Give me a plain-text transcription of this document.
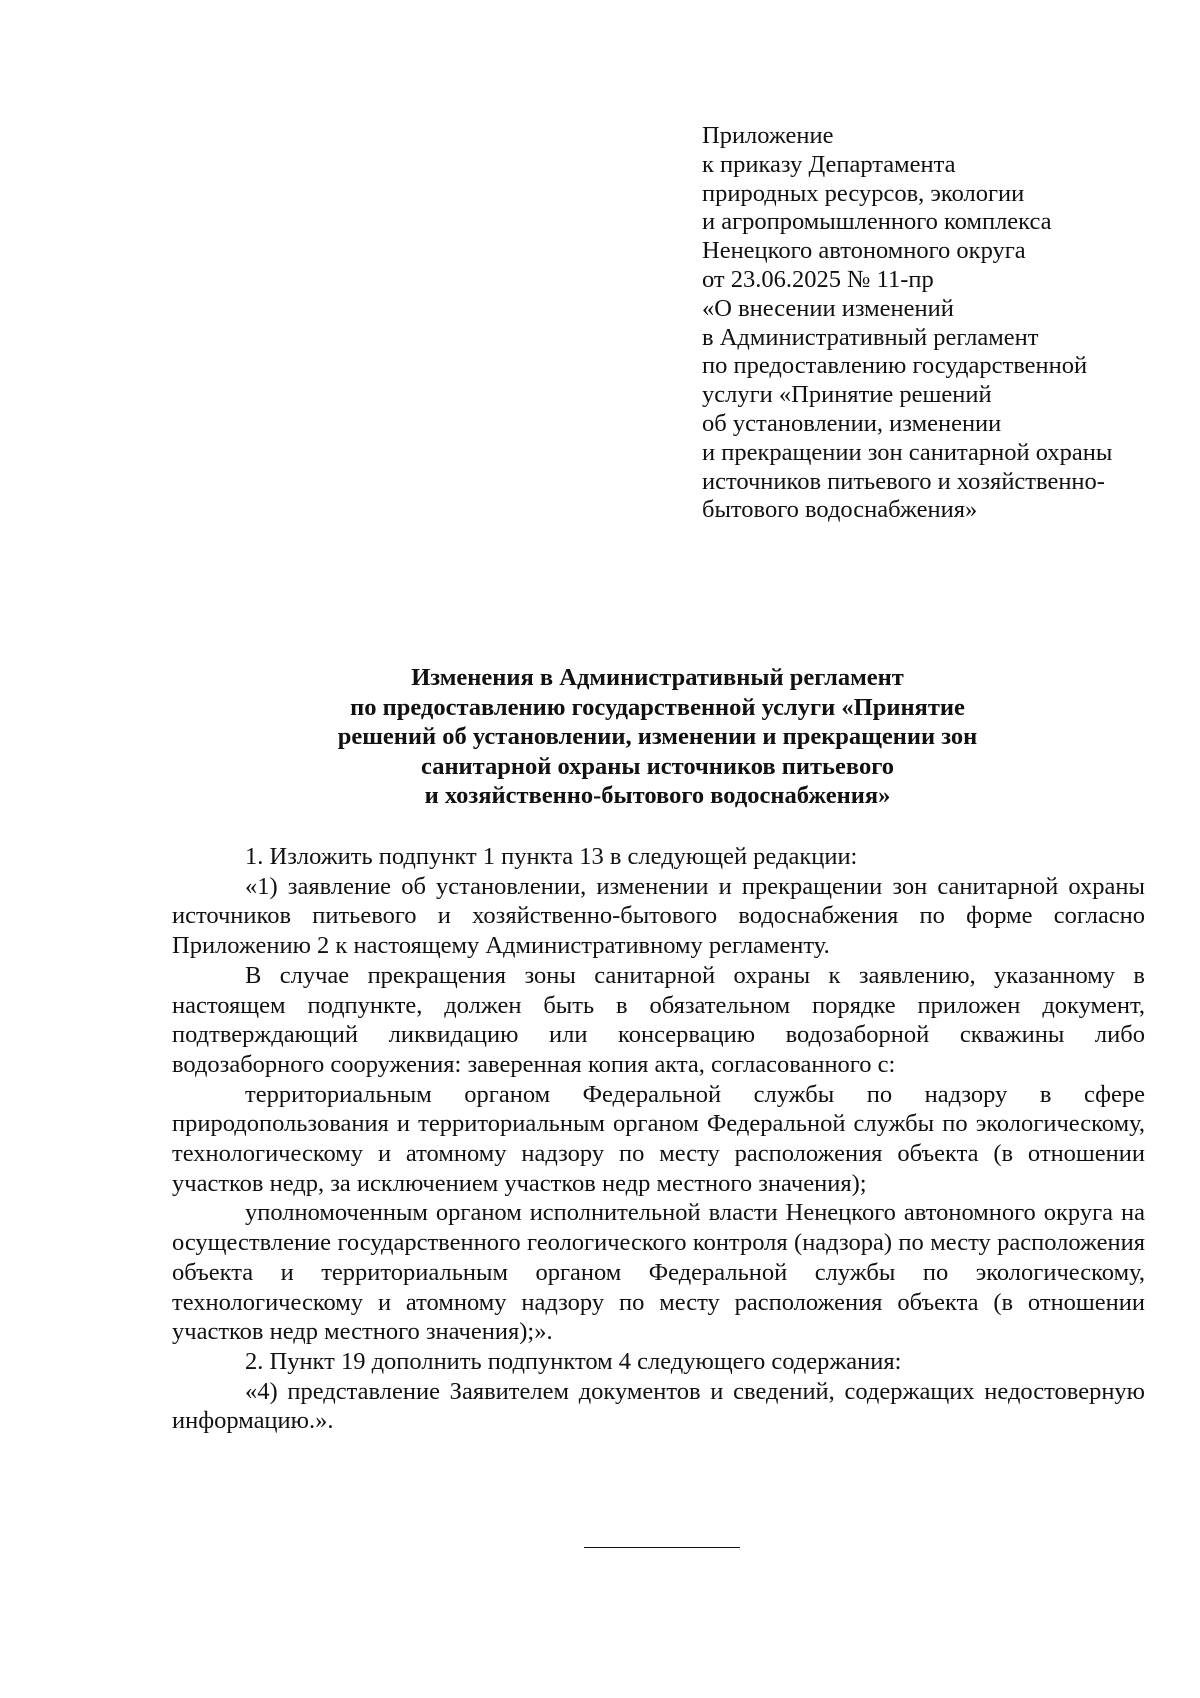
Приложение
к приказу Департамента
природных ресурсов, экологии
и агропромышленного комплекса
Ненецкого автономного округа
от 23.06.2025 № 11-пр
«О внесении изменений
в Административный регламент
по предоставлению государственной
услуги «Принятие решений
об установлении, изменении
и прекращении зон санитарной охраны
источников питьевого и хозяйственно-
бытового водоснабжения»
Изменения в Административный регламент
по предоставлению государственной услуги «Принятие
решений об установлении, изменении и прекращении зон
санитарной охраны источников питьевого
и хозяйственно-бытового водоснабжения»

1. Изложить подпункт 1 пункта 13 в следующей редакции:

«1) заявление об установлении, изменении и прекращении зон санитарной охраны источников питьевого и хозяйственно-бытового водоснабжения по форме согласно Приложению 2 к настоящему Административному регламенту.

В случае прекращения зоны санитарной охраны к заявлению, указанному в настоящем подпункте, должен быть в обязательном порядке приложен документ, подтверждающий ликвидацию или консервацию водозаборной скважины либо водозаборного сооружения: заверенная копия акта, согласованного с:

территориальным органом Федеральной службы по надзору в сфере природопользования и территориальным органом Федеральной службы по экологическому, технологическому и атомному надзору по месту расположения объекта (в отношении участков недр, за исключением участков недр местного значения);

уполномоченным органом исполнительной власти Ненецкого автономного округа на осуществление государственного геологического контроля (надзора) по месту расположения объекта и территориальным органом Федеральной службы по экологическому, технологическому и атомному надзору по месту расположения объекта (в отношении участков недр местного значения);».

2. Пункт 19 дополнить подпунктом 4 следующего содержания:

«4) представление Заявителем документов и сведений, содержащих недостоверную информацию.».
